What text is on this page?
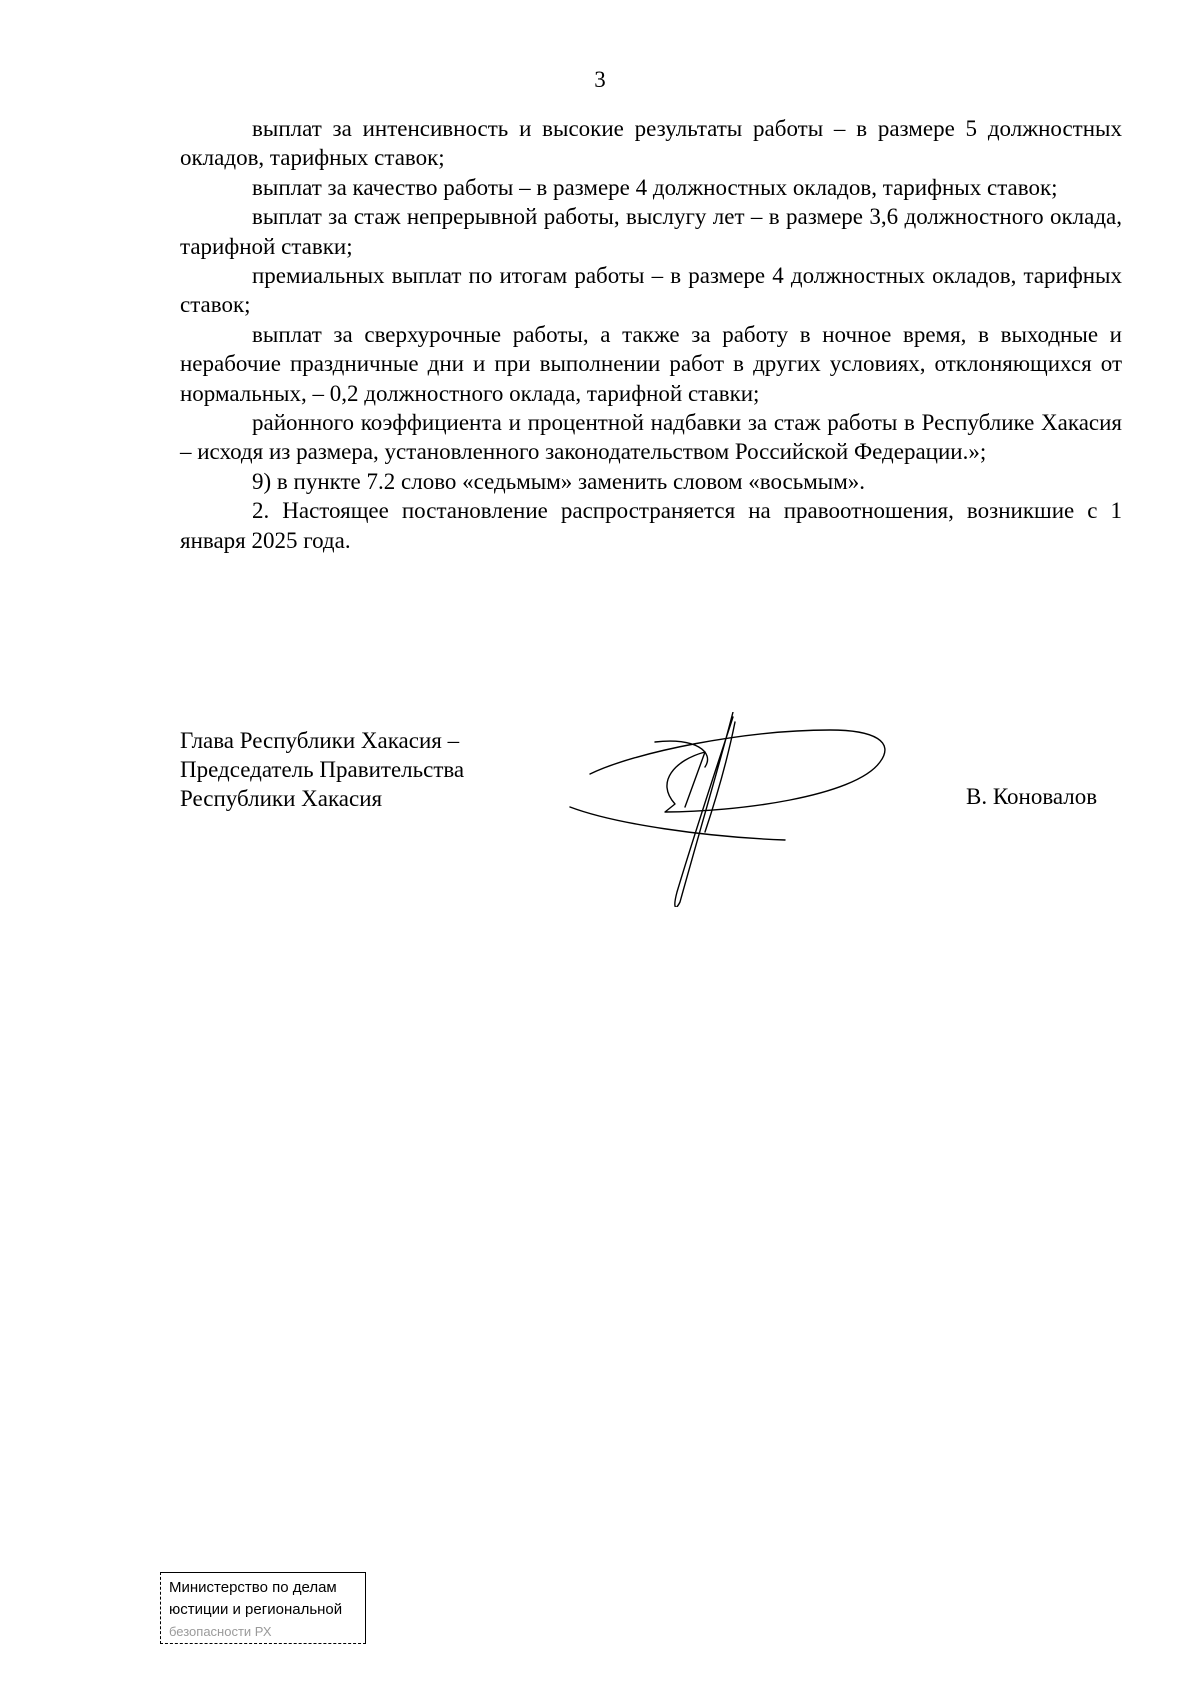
3

выплат за интенсивность и высокие результаты работы – в размере 5 должностных окладов, тарифных ставок;

выплат за качество работы – в размере 4 должностных окладов, тарифных ставок;

выплат за стаж непрерывной работы, выслугу лет – в размере 3,6 должностного оклада, тарифной ставки;

премиальных выплат по итогам работы – в размере 4 должностных окладов, тарифных ставок;

выплат за сверхурочные работы, а также за работу в ночное время, в выходные и нерабочие праздничные дни и при выполнении работ в других условиях, отклоняющихся от нормальных, – 0,2 должностного оклада, тарифной ставки;

районного коэффициента и процентной надбавки за стаж работы в Республике Хакасия – исходя из размера, установленного законодательством Российской Федерации.»;

9) в пункте 7.2 слово «седьмым» заменить словом «восьмым».

2. Настоящее постановление распространяется на правоотношения, возникшие с 1 января 2025 года.

Глава Республики Хакасия –
Председатель Правительства
Республики Хакасия	В. Коновалов
Министерство по делам
юстиции и региональной
безопасности РХ
